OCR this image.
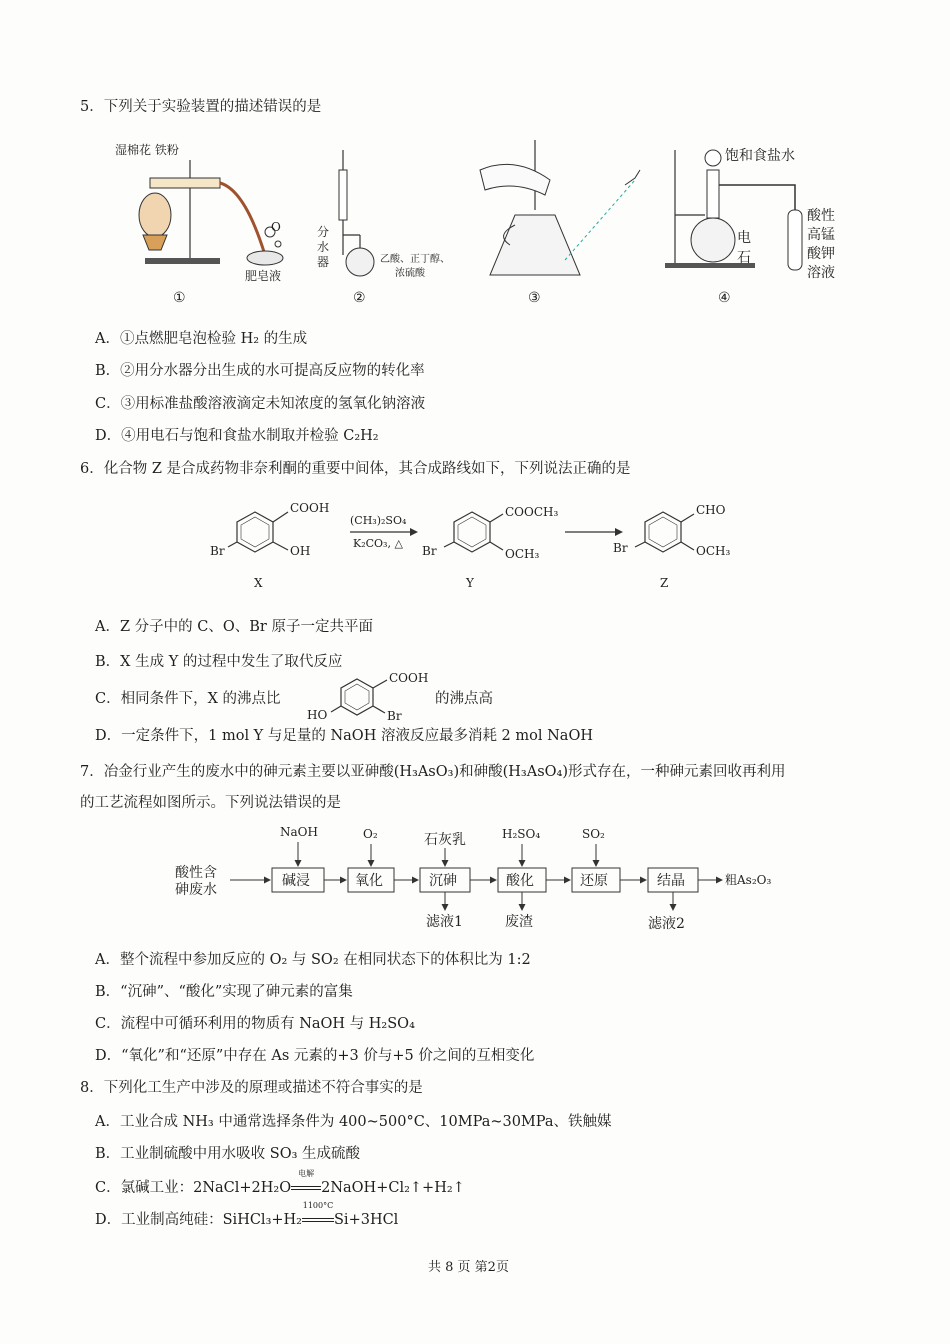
5．下列关于实验装置的描述错误的是
湿棉花 铁粉
O
肥皂液
分
水
器	乙酸、正丁醇、
浓硫酸
饱和食盐水
电
石
酸性
高锰
酸钾
溶液
①	②	③	④
A．①点燃肥皂泡检验 H₂ 的生成
B．②用分水器分出生成的水可提高反应物的转化率
C．③用标准盐酸溶液滴定未知浓度的氢氧化钠溶液
D．④用电石与饱和食盐水制取并检验 C₂H₂
6．化合物 Z 是合成药物非奈利酮的重要中间体，其合成路线如下，下列说法正确的是
COOH
OH
Br
X
(CH₃)₂SO₄
K₂CO₃, △
COOCH₃
OCH₃
Br
Y
CHO
OCH₃
Br
Z
A．Z 分子中的 C、O、Br 原子一定共平面
B．X 生成 Y 的过程中发生了取代反应
C．相同条件下，X 的沸点比
COOH
Br
HO
的沸点高
D．一定条件下，1 mol Y 与足量的 NaOH 溶液反应最多消耗 2 mol NaOH
7．冶金行业产生的废水中的砷元素主要以亚砷酸(H₃AsO₃)和砷酸(H₃AsO₄)形式存在，一种砷元素回收再利用
的工艺流程如图所示。下列说法错误的是
酸性含
砷废水
碱浸	氧化	沉砷	酸化	还原	结晶	粗As₂O₃
NaOH	O₂	石灰乳	H₂SO₄	SO₂
滤液1	废渣	滤液2
A．整个流程中参加反应的 O₂ 与 SO₂ 在相同状态下的体积比为 1:2
B．“沉砷”、“酸化”实现了砷元素的富集
C．流程中可循环利用的物质有 NaOH 与 H₂SO₄
D．“氧化”和“还原”中存在 As 元素的+3 价与+5 价之间的互相变化
8．下列化工生产中涉及的原理或描述不符合事实的是
A．工业合成 NH₃ 中通常选择条件为 400~500°C、10MPa~30MPa、铁触媒
B．工业制硫酸中用水吸收 SO₃ 生成硫酸
C．氯碱工业：2NaCl+2H₂O
电解
2NaOH+Cl₂↑+H₂↑
D．工业制高纯硅：SiHCl₃+H₂
1100°C
Si+3HCl
共 8 页 第2页
